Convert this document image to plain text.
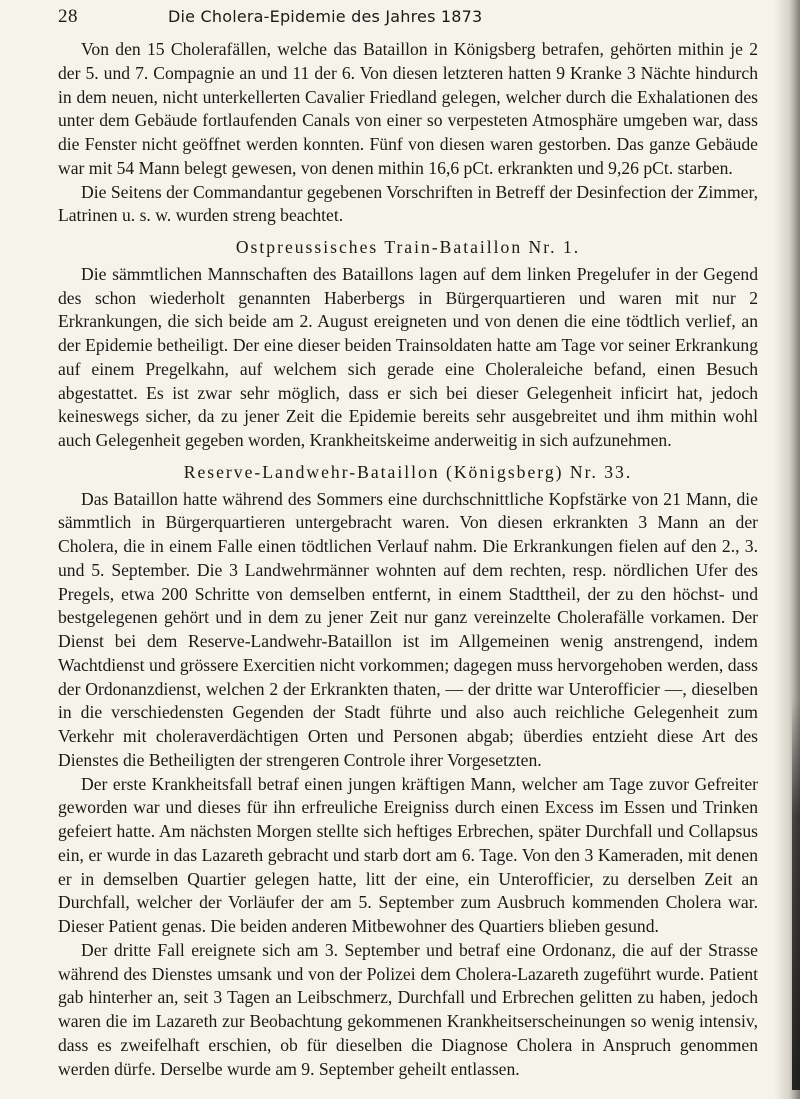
28	Die Cholera-Epidemie des Jahres 1873

Von den 15 Cholerafällen, welche das Bataillon in Königsberg betrafen, gehörten mithin je 2 der 5. und 7. Compagnie an und 11 der 6. Von diesen letzteren hatten 9 Kranke 3 Nächte hindurch in dem neuen, nicht unterkellerten Cavalier Friedland gelegen, welcher durch die Exhalationen des unter dem Gebäude fortlaufenden Canals von einer so verpesteten Atmosphäre umgeben war, dass die Fenster nicht geöffnet werden konnten. Fünf von diesen waren gestorben. Das ganze Gebäude war mit 54 Mann belegt gewesen, von denen mithin 16,6 pCt. erkrankten und 9,26 pCt. starben.

Die Seitens der Commandantur gegebenen Vorschriften in Betreff der Desinfection der Zimmer, Latrinen u. s. w. wurden streng beachtet.

Ostpreussisches Train-Bataillon Nr. 1.

Die sämmtlichen Mannschaften des Bataillons lagen auf dem linken Pregelufer in der Gegend des schon wiederholt genannten Haberbergs in Bürgerquartieren und waren mit nur 2 Erkrankungen, die sich beide am 2. August ereigneten und von denen die eine tödtlich verlief, an der Epidemie betheiligt. Der eine dieser beiden Trainsoldaten hatte am Tage vor seiner Erkrankung auf einem Pregelkahn, auf welchem sich gerade eine Choleraleiche befand, einen Besuch abgestattet. Es ist zwar sehr möglich, dass er sich bei dieser Gelegenheit inficirt hat, jedoch keineswegs sicher, da zu jener Zeit die Epidemie bereits sehr ausgebreitet und ihm mithin wohl auch Gelegenheit gegeben worden, Krankheitskeime anderweitig in sich aufzunehmen.

Reserve-Landwehr-Bataillon (Königsberg) Nr. 33.

Das Bataillon hatte während des Sommers eine durchschnittliche Kopfstärke von 21 Mann, die sämmtlich in Bürgerquartieren untergebracht waren. Von diesen erkrankten 3 Mann an der Cholera, die in einem Falle einen tödtlichen Verlauf nahm. Die Erkrankungen fielen auf den 2., 3. und 5. September. Die 3 Landwehrmänner wohnten auf dem rechten, resp. nördlichen Ufer des Pregels, etwa 200 Schritte von demselben entfernt, in einem Stadttheil, der zu den höchst- und bestgelegenen gehört und in dem zu jener Zeit nur ganz vereinzelte Cholerafälle vorkamen. Der Dienst bei dem Reserve-Landwehr-Bataillon ist im Allgemeinen wenig anstrengend, indem Wachtdienst und grössere Exercitien nicht vorkommen; dagegen muss hervorgehoben werden, dass der Ordonanzdienst, welchen 2 der Erkrankten thaten, — der dritte war Unterofficier —, dieselben in die verschiedensten Gegenden der Stadt führte und also auch reichliche Gelegenheit zum Verkehr mit choleraverdächtigen Orten und Personen abgab; überdies entzieht diese Art des Dienstes die Betheiligten der strengeren Controle ihrer Vorgesetzten.

Der erste Krankheitsfall betraf einen jungen kräftigen Mann, welcher am Tage zuvor Gefreiter geworden war und dieses für ihn erfreuliche Ereigniss durch einen Excess im Essen und Trinken gefeiert hatte. Am nächsten Morgen stellte sich heftiges Erbrechen, später Durchfall und Collapsus ein, er wurde in das Lazareth gebracht und starb dort am 6. Tage. Von den 3 Kameraden, mit denen er in demselben Quartier gelegen hatte, litt der eine, ein Unterofficier, zu derselben Zeit an Durchfall, welcher der Vorläufer der am 5. September zum Ausbruch kommenden Cholera war. Dieser Patient genas. Die beiden anderen Mitbewohner des Quartiers blieben gesund.

Der dritte Fall ereignete sich am 3. September und betraf eine Ordonanz, die auf der Strasse während des Dienstes umsank und von der Polizei dem Cholera-Lazareth zugeführt wurde. Patient gab hinterher an, seit 3 Tagen an Leibschmerz, Durchfall und Erbrechen gelitten zu haben, jedoch waren die im Lazareth zur Beobachtung gekommenen Krankheitserscheinungen so wenig intensiv, dass es zweifelhaft erschien, ob für dieselben die Diagnose Cholera in Anspruch genommen werden dürfe. Derselbe wurde am 9. September geheilt entlassen.
